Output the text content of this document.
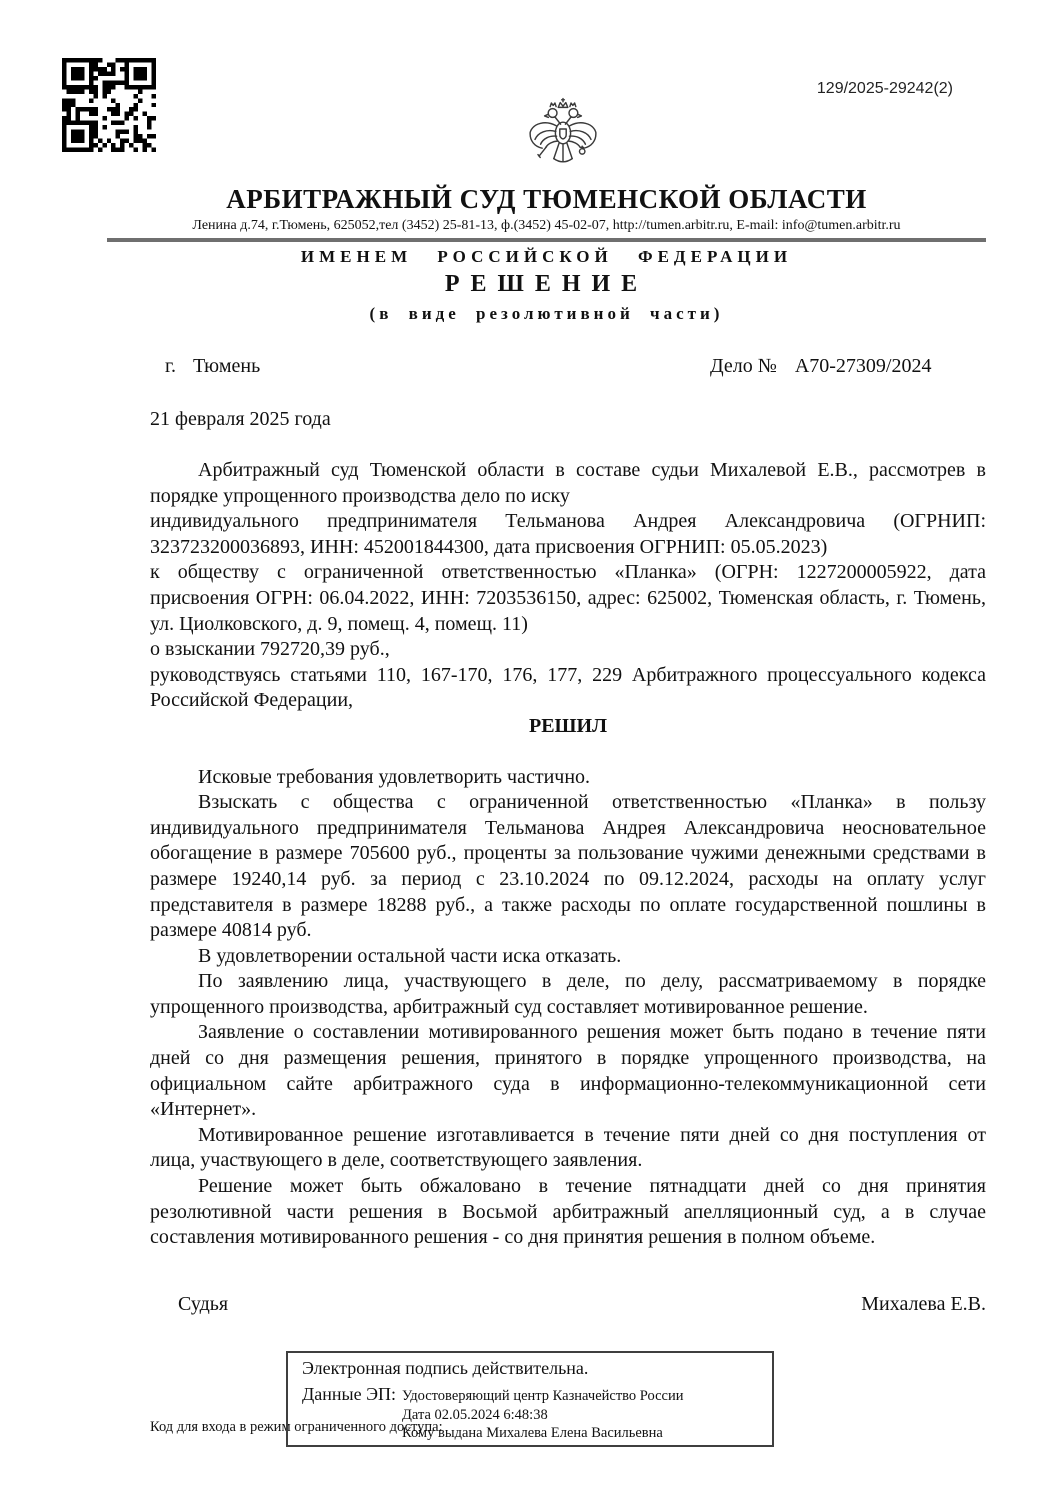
129/2025-29242(2)
АРБИТРАЖНЫЙ СУД ТЮМЕНСКОЙ ОБЛАСТИ
Ленина д.74, г.Тюмень, 625052,тел (3452) 25-81-13, ф.(3452) 45-02-07, http://tumen.arbitr.ru, E-mail: info@tumen.arbitr.ru
ИМЕНЕМ РОССИЙСКОЙ ФЕДЕРАЦИИ
РЕШЕНИЕ
(в виде резолютивной части)
г. Тюмень	Дело № А70-27309/2024
21 февраля 2025 года

Арбитражный суд Тюменской области в составе судьи Михалевой Е.В., рассмотрев в порядке упрощенного производства дело по иску

индивидуального предпринимателя Тельманова Андрея Александровича (ОГРНИП: 323723200036893, ИНН: 452001844300, дата присвоения ОГРНИП: 05.05.2023)

к обществу с ограниченной ответственностью «Планка» (ОГРН: 1227200005922, дата присвоения ОГРН: 06.04.2022, ИНН: 7203536150, адрес: 625002, Тюменская область, г. Тюмень, ул. Циолковского, д. 9, помещ. 4, помещ. 11)

о взыскании 792720,39 руб.,

руководствуясь статьями 110, 167-170, 176, 177, 229 Арбитражного процессуального кодекса Российской Федерации,

РЕШИЛ

Исковые требования удовлетворить частично.

Взыскать с общества с ограниченной ответственностью «Планка» в пользу индивидуального предпринимателя Тельманова Андрея Александровича неосновательное обогащение в размере 705600 руб., проценты за пользование чужими денежными средствами в размере 19240,14 руб. за период с 23.10.2024 по 09.12.2024, расходы на оплату услуг представителя в размере 18288 руб., а также расходы по оплате государственной пошлины в размере 40814 руб.

В удовлетворении остальной части иска отказать.

По заявлению лица, участвующего в деле, по делу, рассматриваемому в порядке упрощенного производства, арбитражный суд составляет мотивированное решение.

Заявление о составлении мотивированного решения может быть подано в течение пяти дней со дня размещения решения, принятого в порядке упрощенного производства, на официальном сайте арбитражного суда в информационно-телекоммуникационной сети «Интернет».

Мотивированное решение изготавливается в течение пяти дней со дня поступления от лица, участвующего в деле, соответствующего заявления.

Решение может быть обжаловано в течение пятнадцати дней со дня принятия резолютивной части решения в Восьмой арбитражный апелляционный суд, а в случае составления мотивированного решения - со дня принятия решения в полном объеме.

Судья	Михалева Е.В.
Код для входа в режим ограниченного доступа:
Электронная подпись действительна.
Данные ЭП: Удостоверяющий центр Казначейство России
Дата 02.05.2024 6:48:38
Кому выдана Михалева Елена Васильевна
